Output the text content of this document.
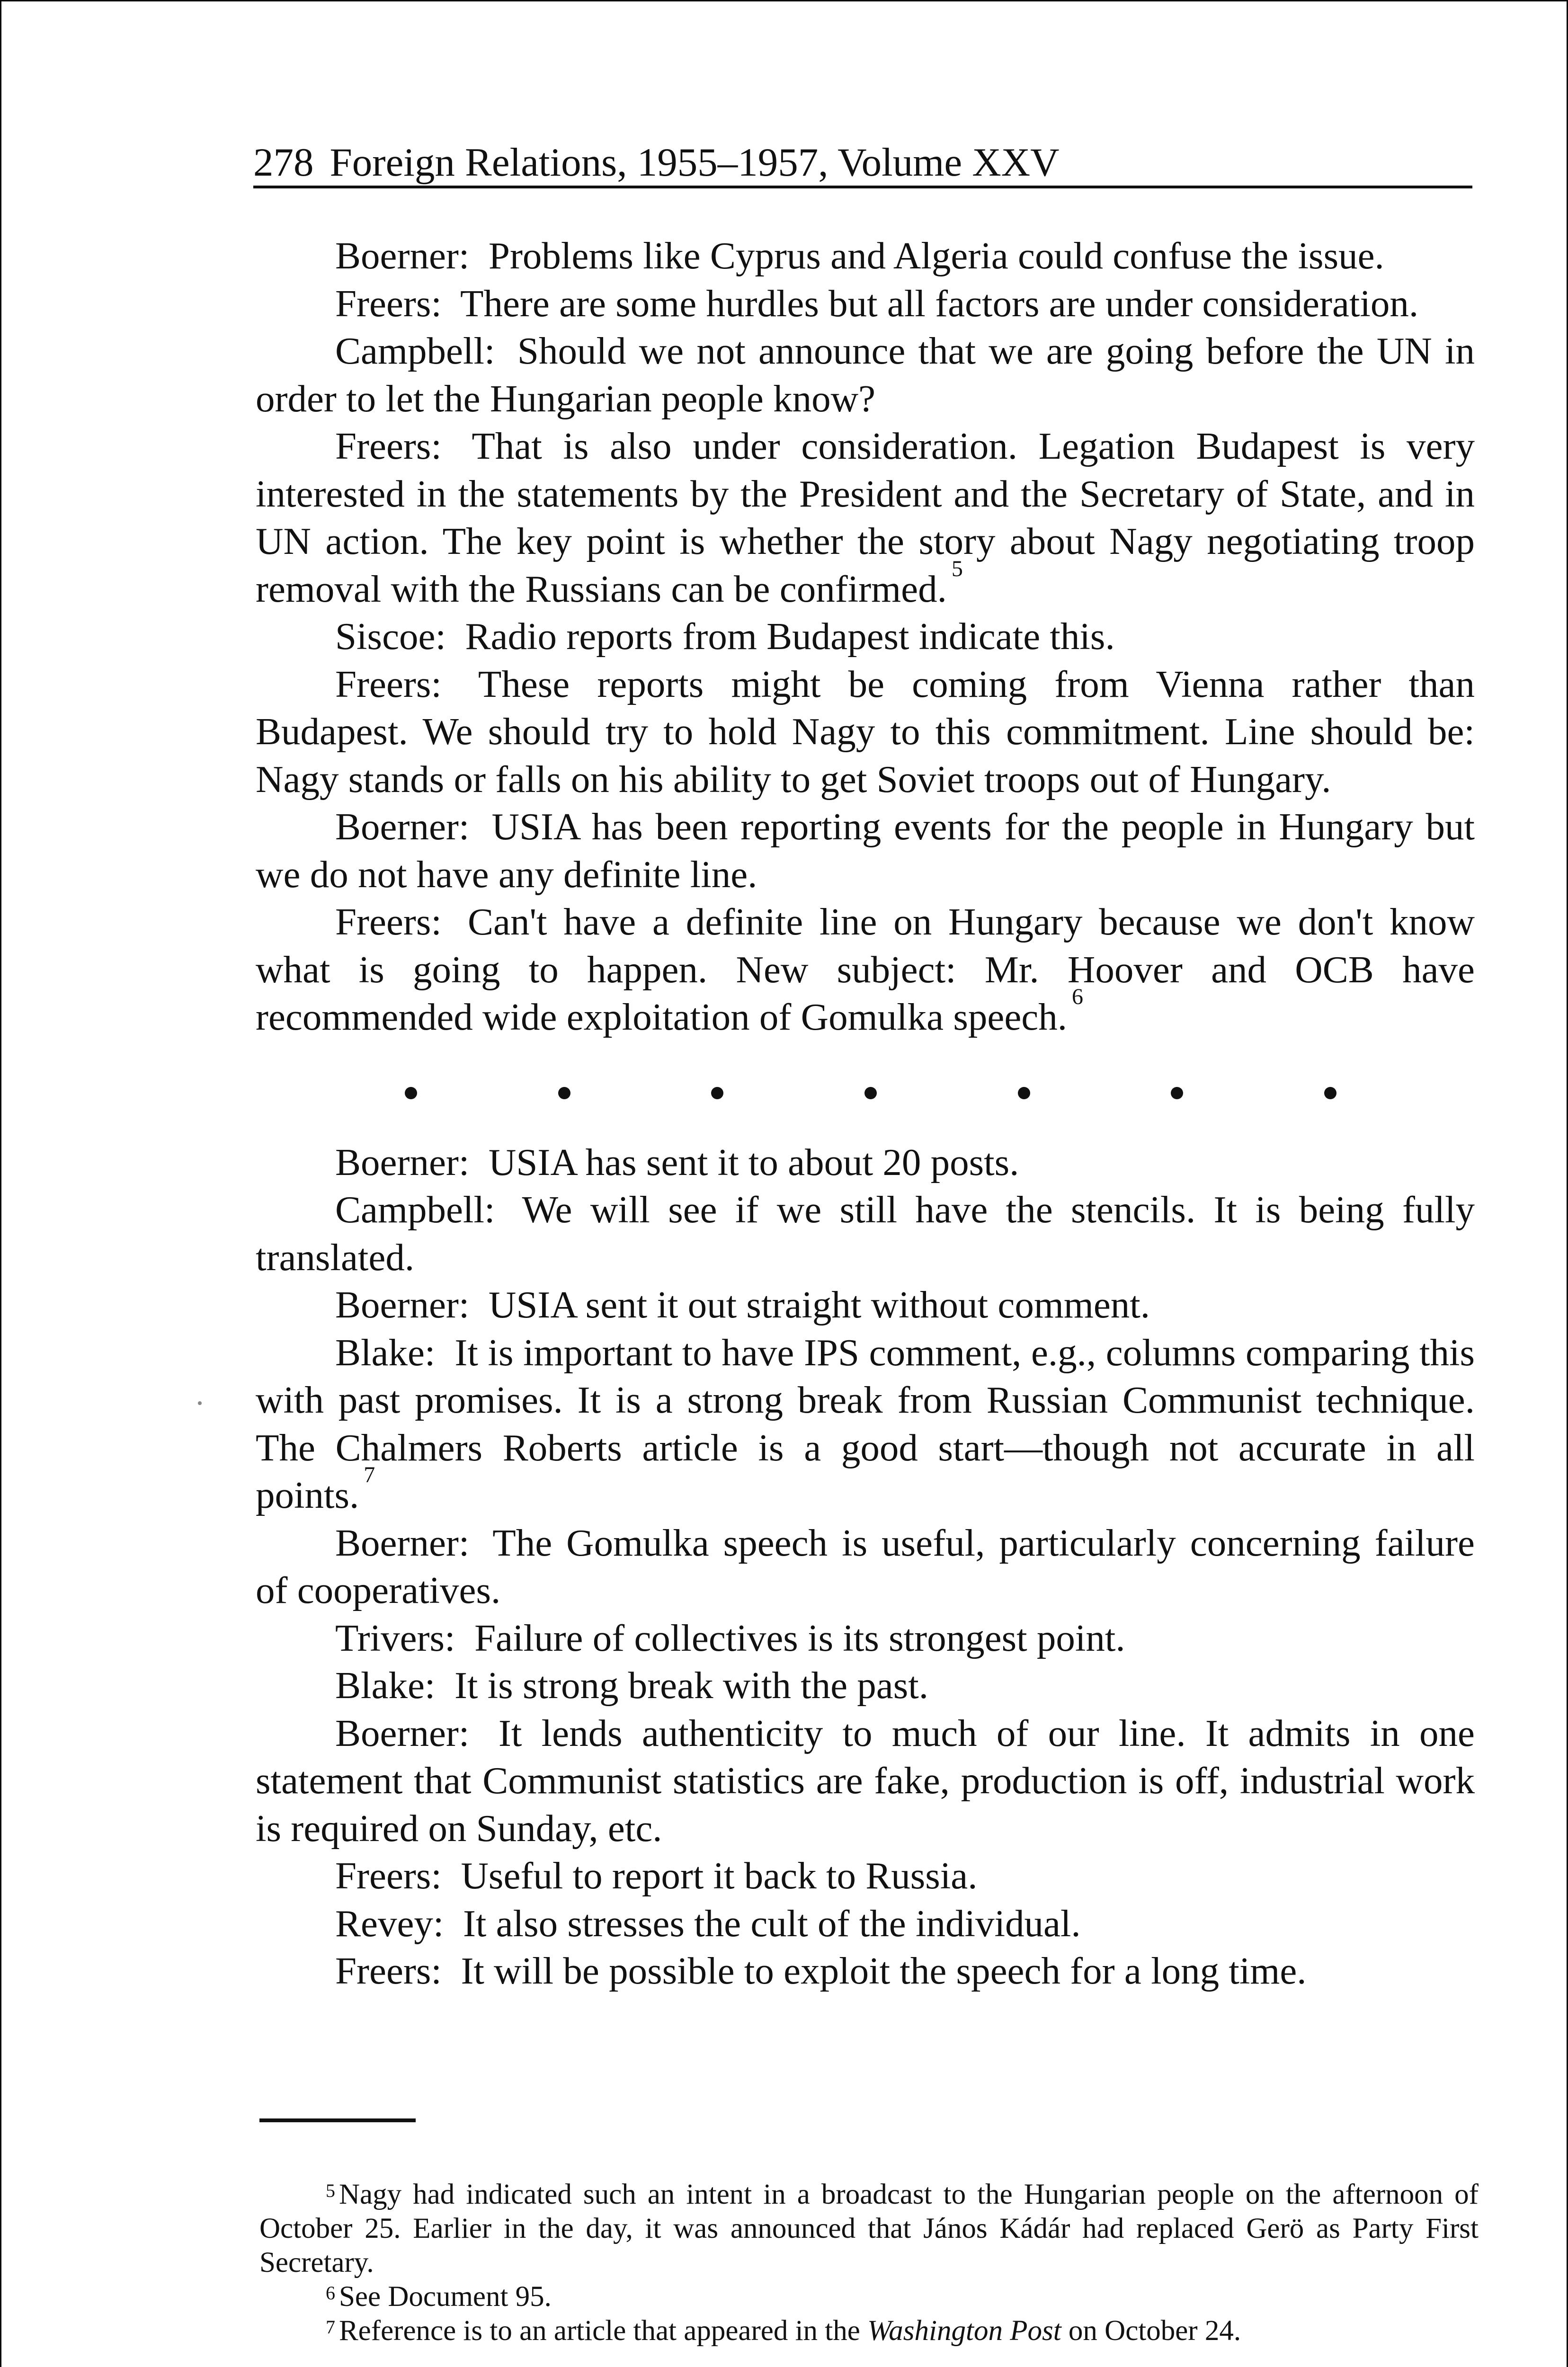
278 Foreign Relations, 1955–1957, Volume XXV

Boerner: Problems like Cyprus and Algeria could confuse the issue.

Freers: There are some hurdles but all factors are under consideration.

Campbell: Should we not announce that we are going before the UN in order to let the Hungarian people know?

Freers: That is also under consideration. Legation Budapest is very interested in the statements by the President and the Secretary of State, and in UN action. The key point is whether the story about Nagy negotiating troop removal with the Russians can be confirmed. $^5$

Siscoe: Radio reports from Budapest indicate this.

Freers: These reports might be coming from Vienna rather than Budapest. We should try to hold Nagy to this commitment. Line should be: Nagy stands or falls on his ability to get Soviet troops out of Hungary.

Boerner: USIA has been reporting events for the people in Hungary but we do not have any definite line.

Freers: Can't have a definite line on Hungary because we don't know what is going to happen. New subject: Mr. Hoover and OCB have recommended wide exploitation of Gomulka speech. $^6$

Boerner: USIA has sent it to about 20 posts.

Campbell: We will see if we still have the stencils. It is being fully translated.

Boerner: USIA sent it out straight without comment.

Blake: It is important to have IPS comment, e.g., columns comparing this with past promises. It is a strong break from Russian Communist technique. The Chalmers Roberts article is a good start—though not accurate in all points. $^7$

Boerner: The Gomulka speech is useful, particularly concerning failure of cooperatives.

Trivers: Failure of collectives is its strongest point.

Blake: It is strong break with the past.

Boerner: It lends authenticity to much of our line. It admits in one statement that Communist statistics are fake, production is off, industrial work is required on Sunday, etc.

Freers: Useful to report it back to Russia.

Revey: It also stresses the cult of the individual.

Freers: It will be possible to exploit the speech for a long time.

$^5$ Nagy had indicated such an intent in a broadcast to the Hungarian people on the afternoon of October 25. Earlier in the day, it was announced that János Kádár had replaced Gerö as Party First Secretary.

$^6$ See Document 95.

$^7$ Reference is to an article that appeared in the Washington Post on October 24.
